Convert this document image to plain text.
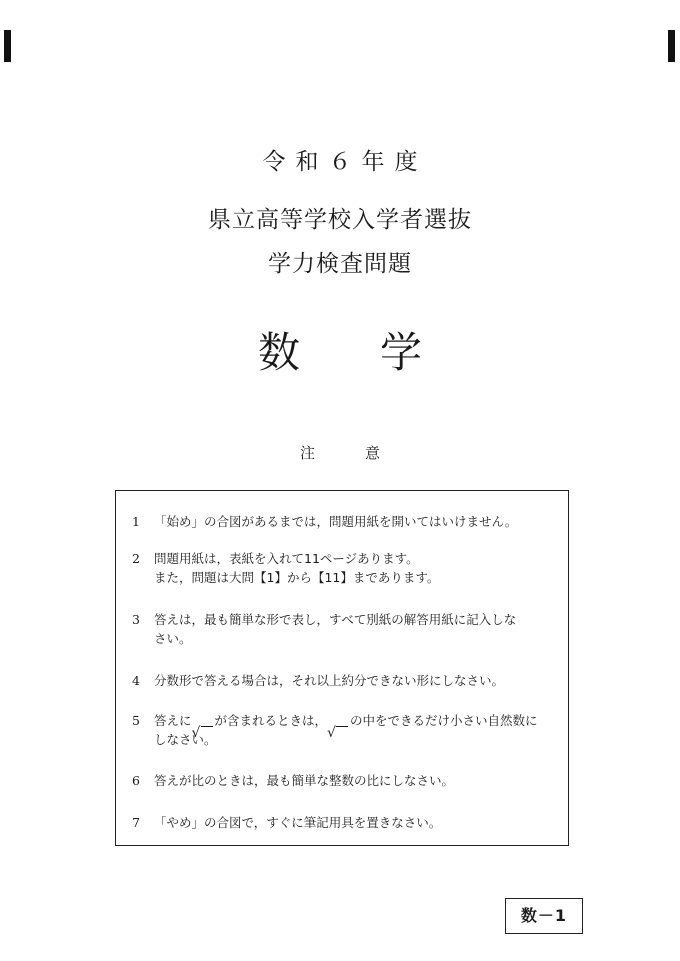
令和６年度
県立高等学校入学者選抜
学力検査問題
数学
注意
1	「始め」の合図があるまでは，問題用紙を開いてはいけません。
2	問題用紙は，表紙を入れて11ページあります。
また，問題は大問【1】から【11】まであります。
3	答えは，最も簡単な形で表し，すべて別紙の解答用紙に記入しな
さい。
4	分数形で答える場合は，それ以上約分できない形にしなさい。
5	答えに が含まれるときは， の中をできるだけ小さい自然数に
しなさい。
6	答えが比のときは，最も簡単な整数の比にしなさい。
7	「やめ」の合図で，すぐに筆記用具を置きなさい。
数－1
